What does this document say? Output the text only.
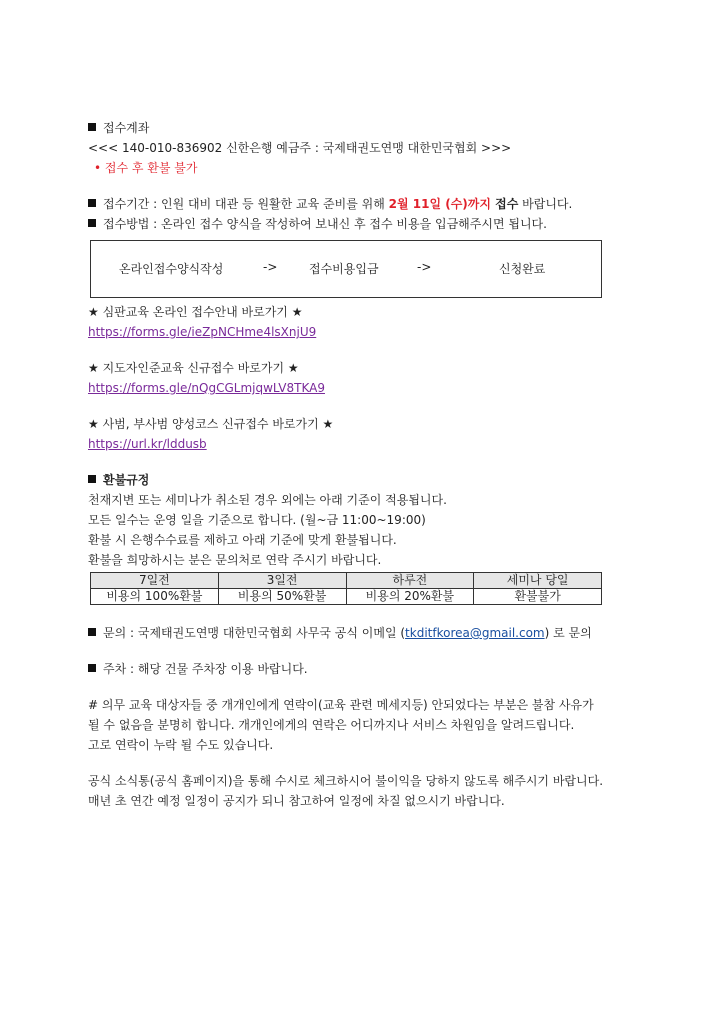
접수계좌
<<< 140-010-836902 신한은행 예금주 : 국제태권도연맹 대한민국협회 >>>
• 접수 후 환불 불가
접수기간 : 인원 대비 대관 등 원활한 교육 준비를 위해 2월 11일 (수)까지 접수 바랍니다.
접수방법 : 온라인 접수 양식을 작성하여 보내신 후 접수 비용을 입금해주시면 됩니다.
온라인접수양식작성	->	접수비용입금	->	신청완료
★ 심판교육 온라인 접수안내 바로가기 ★
https://forms.gle/ieZpNCHme4lsXnjU9
★ 지도자인준교육 신규접수 바로가기 ★
https://forms.gle/nQgCGLmjqwLV8TKA9
★ 사범, 부사범 양성코스 신규접수 바로가기 ★
https://url.kr/lddusb
환불규정
천재지변 또는 세미나가 취소된 경우 외에는 아래 기준이 적용됩니다.
모든 일수는 운영 일을 기준으로 합니다. (월~금 11:00~19:00)
환불 시 은행수수료를 제하고 아래 기준에 맞게 환불됩니다.
환불을 희망하시는 분은 문의처로 연락 주시기 바랍니다.
7일전	3일전	하루전	세미나 당일
비용의 100%환불	비용의 50%환불	비용의 20%환불	환불불가
문의 : 국제태권도연맹 대한민국협회 사무국 공식 이메일 (tkditfkorea@gmail.com) 로 문의
주차 : 해당 건물 주차장 이용 바랍니다.
# 의무 교육 대상자들 중 개개인에게 연락이(교육 관련 메세지등) 안되었다는 부분은 불참 사유가
될 수 없음을 분명히 합니다. 개개인에게의 연락은 어디까지나 서비스 차원임을 알려드립니다.
고로 연락이 누락 될 수도 있습니다.
공식 소식통(공식 홈페이지)을 통해 수시로 체크하시어 불이익을 당하지 않도록 해주시기 바랍니다.
매년 초 연간 예정 일정이 공지가 되니 참고하여 일정에 차질 없으시기 바랍니다.
